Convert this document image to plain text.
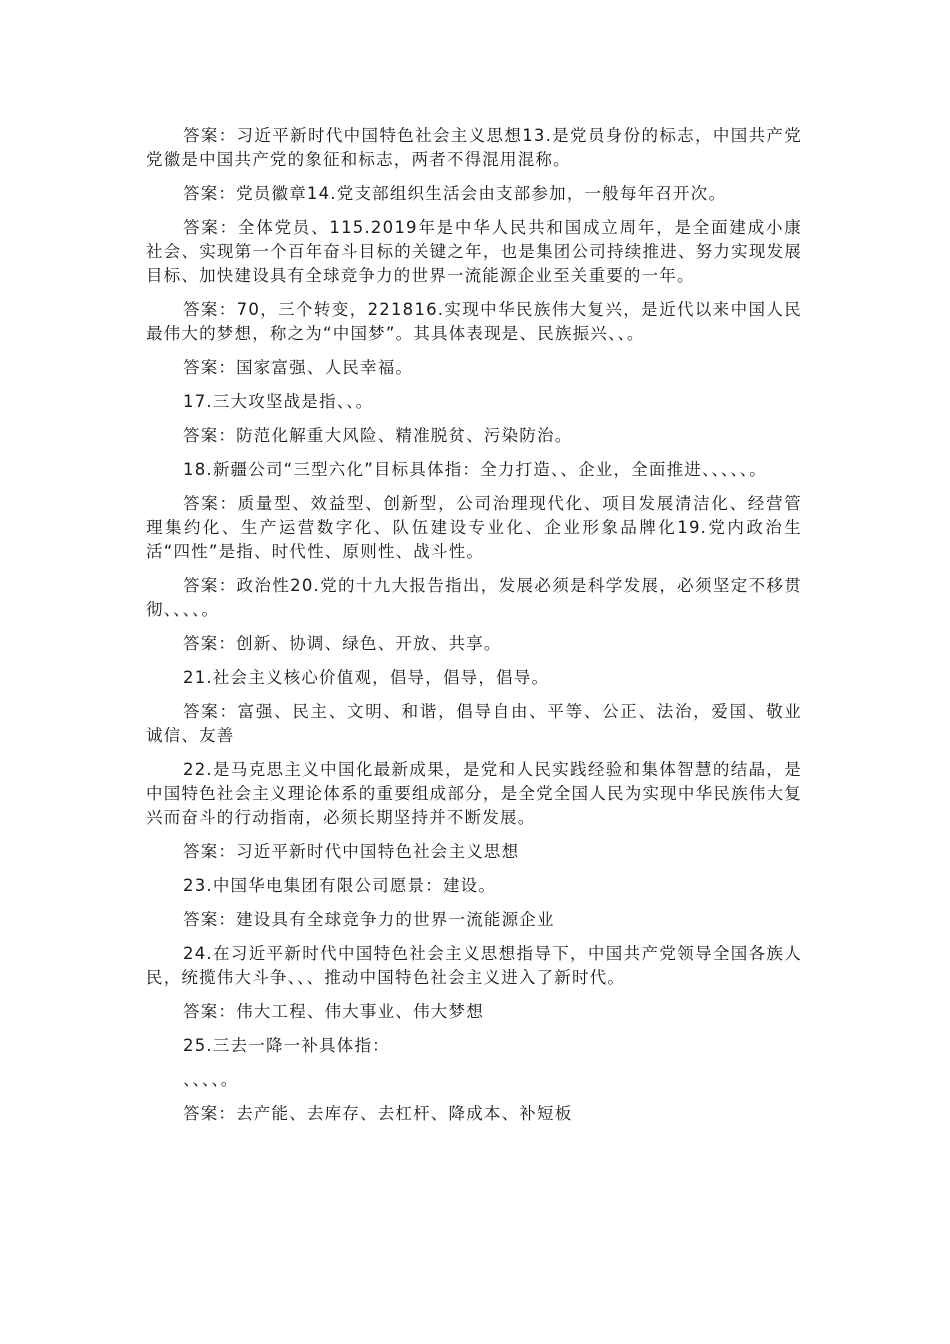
答案：习近平新时代中国特色社会主义思想13.是党员身份的标志，中国共产党党徽是中国共产党的象征和标志，两者不得混用混称。

答案：党员徽章14.党支部组织生活会由支部参加，一般每年召开次。

答案：全体党员、115.2019年是中华人民共和国成立周年，是全面建成小康社会、实现第一个百年奋斗目标的关键之年，也是集团公司持续推进、努力实现发展目标、加快建设具有全球竞争力的世界一流能源企业至关重要的一年。

答案：70，三个转变，221816.实现中华民族伟大复兴，是近代以来中国人民最伟大的梦想，称之为“中国梦”。其具体表现是、民族振兴、、。

答案：国家富强、人民幸福。

17.三大攻坚战是指、、。

答案：防范化解重大风险、精准脱贫、污染防治。

18.新疆公司“三型六化”目标具体指：全力打造、、企业，全面推进、、、、、。

答案：质量型、效益型、创新型，公司治理现代化、项目发展清洁化、经营管理集约化、生产运营数字化、队伍建设专业化、企业形象品牌化19.党内政治生活“四性”是指、时代性、原则性、战斗性。

答案：政治性20.党的十九大报告指出，发展必须是科学发展，必须坚定不移贯彻、、、、。

答案：创新、协调、绿色、开放、共享。

21.社会主义核心价值观，倡导，倡导，倡导。

答案：富强、民主、文明、和谐，倡导自由、平等、公正、法治，爱国、敬业诚信、友善

22.是马克思主义中国化最新成果，是党和人民实践经验和集体智慧的结晶，是中国特色社会主义理论体系的重要组成部分，是全党全国人民为实现中华民族伟大复兴而奋斗的行动指南，必须长期坚持并不断发展。

答案：习近平新时代中国特色社会主义思想

23.中国华电集团有限公司愿景：建设。

答案：建设具有全球竞争力的世界一流能源企业

24.在习近平新时代中国特色社会主义思想指导下，中国共产党领导全国各族人民，统揽伟大斗争、、、推动中国特色社会主义进入了新时代。

答案：伟大工程、伟大事业、伟大梦想

25.三去一降一补具体指：

、、、、。

答案：去产能、去库存、去杠杆、降成本、补短板
